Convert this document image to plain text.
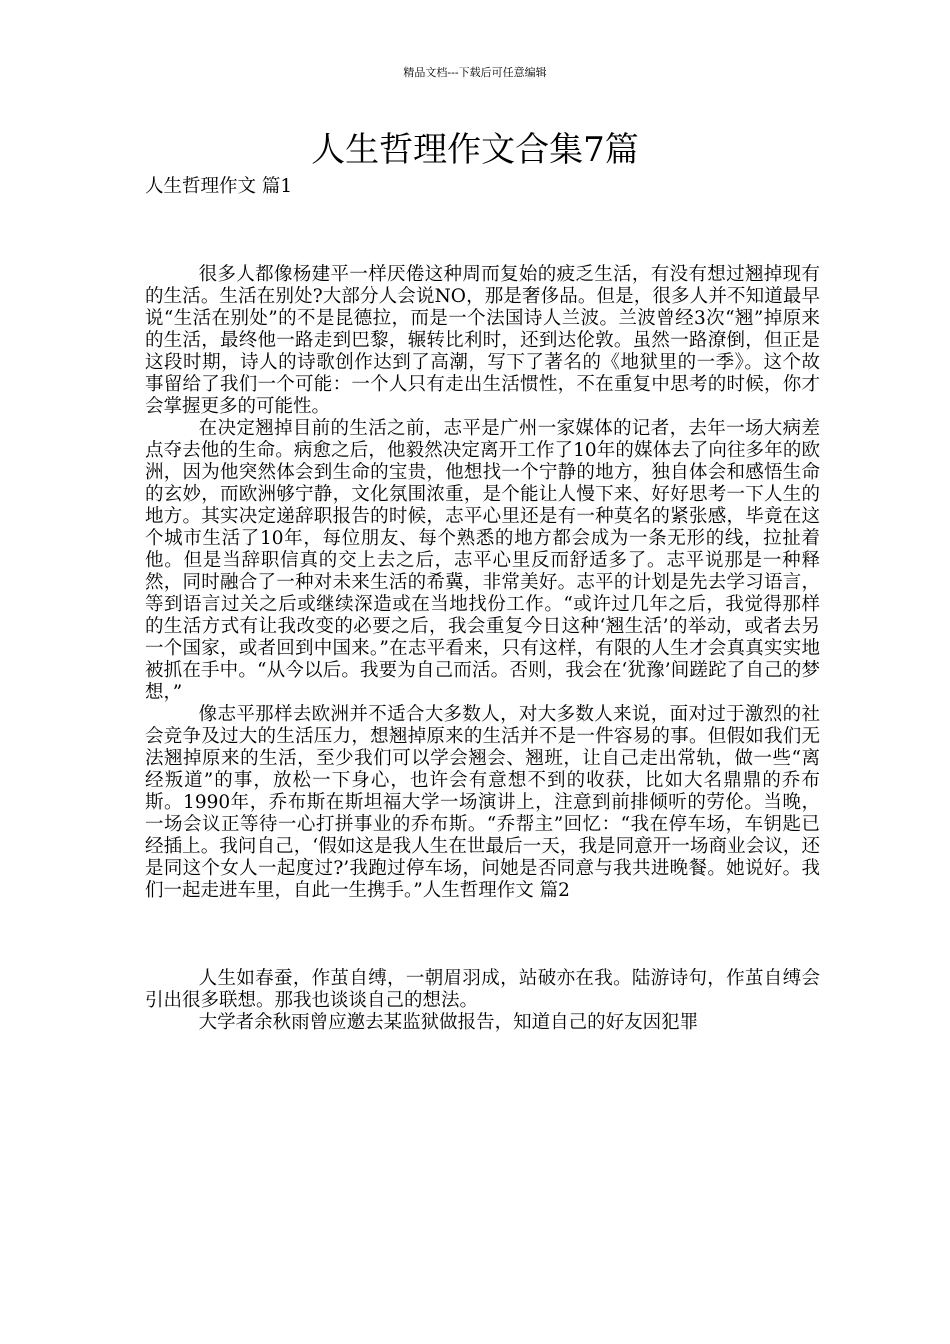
精品文档---下载后可任意编辑
人生哲理作文合集7篇
人生哲理作文 篇1

很多人都像杨建平一样厌倦这种周而复始的疲乏生活，有没有想过翘掉现有的生活。生活在别处?大部分人会说NO，那是奢侈品。但是，很多人并不知道最早说“生活在别处”的不是昆德拉，而是一个法国诗人兰波。兰波曾经3次“翘”掉原来的生活，最终他一路走到巴黎，辗转比利时，还到达伦敦。虽然一路潦倒，但正是这段时期，诗人的诗歌创作达到了高潮，写下了著名的《地狱里的一季》。这个故事留给了我们一个可能：一个人只有走出生活惯性，不在重复中思考的时候，你才会掌握更多的可能性。

在决定翘掉目前的生活之前，志平是广州一家媒体的记者，去年一场大病差点夺去他的生命。病愈之后，他毅然决定离开工作了10年的媒体去了向往多年的欧洲，因为他突然体会到生命的宝贵，他想找一个宁静的地方，独自体会和感悟生命的玄妙，而欧洲够宁静，文化氛围浓重，是个能让人慢下来、好好思考一下人生的地方。其实决定递辞职报告的时候，志平心里还是有一种莫名的紧张感，毕竟在这个城市生活了10年，每位朋友、每个熟悉的地方都会成为一条无形的线，拉扯着他。但是当辞职信真的交上去之后，志平心里反而舒适多了。志平说那是一种释然，同时融合了一种对未来生活的希冀，非常美好。志平的计划是先去学习语言，等到语言过关之后或继续深造或在当地找份工作。“或许过几年之后，我觉得那样的生活方式有让我改变的必要之后，我会重复今日这种‘翘生活’的举动，或者去另一个国家，或者回到中国来。”在志平看来，只有这样，有限的人生才会真真实实地被抓在手中。“从今以后。我要为自己而活。否则，我会在‘犹豫’间蹉跎了自己的梦想，”

像志平那样去欧洲并不适合大多数人，对大多数人来说，面对过于激烈的社会竞争及过大的生活压力，想翘掉原来的生活并不是一件容易的事。但假如我们无法翘掉原来的生活，至少我们可以学会翘会、翘班，让自己走出常轨，做一些“离经叛道”的事，放松一下身心，也许会有意想不到的收获，比如大名鼎鼎的乔布斯。1990年，乔布斯在斯坦福大学一场演讲上，注意到前排倾听的劳伦。当晚，一场会议正等待一心打拼事业的乔布斯。“乔帮主”回忆：“我在停车场，车钥匙已经插上。我问自己，‘假如这是我人生在世最后一天，我是同意开一场商业会议，还是同这个女人一起度过?’我跑过停车场，问她是否同意与我共进晚餐。她说好。我们一起走进车里，自此一生携手。”人生哲理作文 篇2

人生如春蚕，作茧自缚，一朝眉羽成，站破亦在我。陆游诗句，作茧自缚会引出很多联想。那我也谈谈自己的想法。

大学者余秋雨曾应邀去某监狱做报告，知道自己的好友因犯罪
